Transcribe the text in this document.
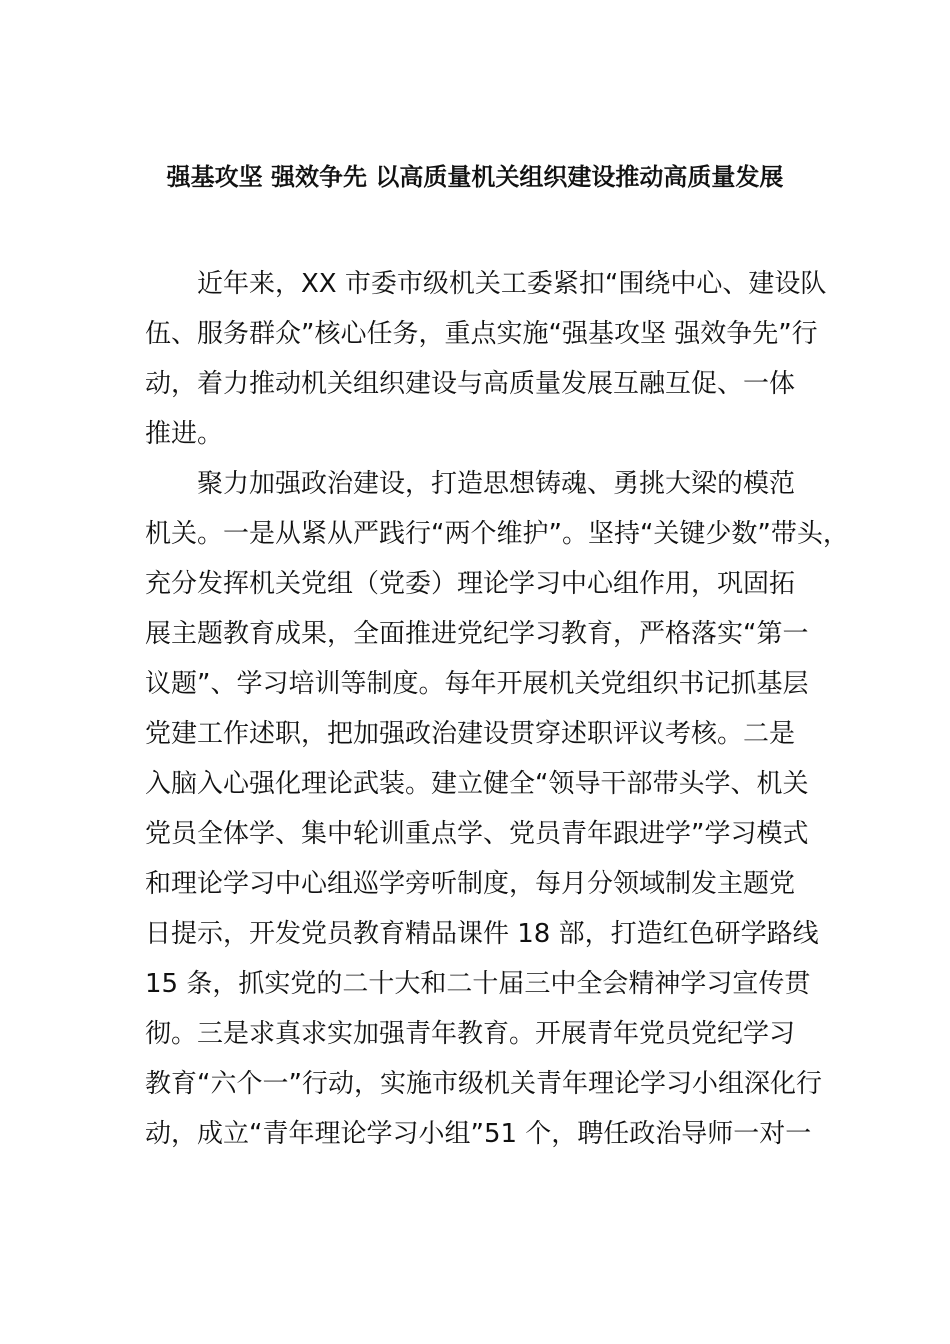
强基攻坚 强效争先 以高质量机关组织建设推动高质量发展
近年来，XX 市委市级机关工委紧扣“围绕中心、建设队
伍、服务群众”核心任务，重点实施“强基攻坚 强效争先”行
动，着力推动机关组织建设与高质量发展互融互促、一体
推进。
聚力加强政治建设，打造思想铸魂、勇挑大梁的模范
机关。一是从紧从严践行“两个维护”。坚持“关键少数”带头，
充分发挥机关党组（党委）理论学习中心组作用，巩固拓
展主题教育成果，全面推进党纪学习教育，严格落实“第一
议题”、学习培训等制度。每年开展机关党组织书记抓基层
党建工作述职，把加强政治建设贯穿述职评议考核。二是
入脑入心强化理论武装。建立健全“领导干部带头学、机关
党员全体学、集中轮训重点学、党员青年跟进学”学习模式
和理论学习中心组巡学旁听制度，每月分领域制发主题党
日提示，开发党员教育精品课件 18 部，打造红色研学路线
15 条，抓实党的二十大和二十届三中全会精神学习宣传贯
彻。三是求真求实加强青年教育。开展青年党员党纪学习
教育“六个一”行动，实施市级机关青年理论学习小组深化行
动，成立“青年理论学习小组”51 个，聘任政治导师一对一
